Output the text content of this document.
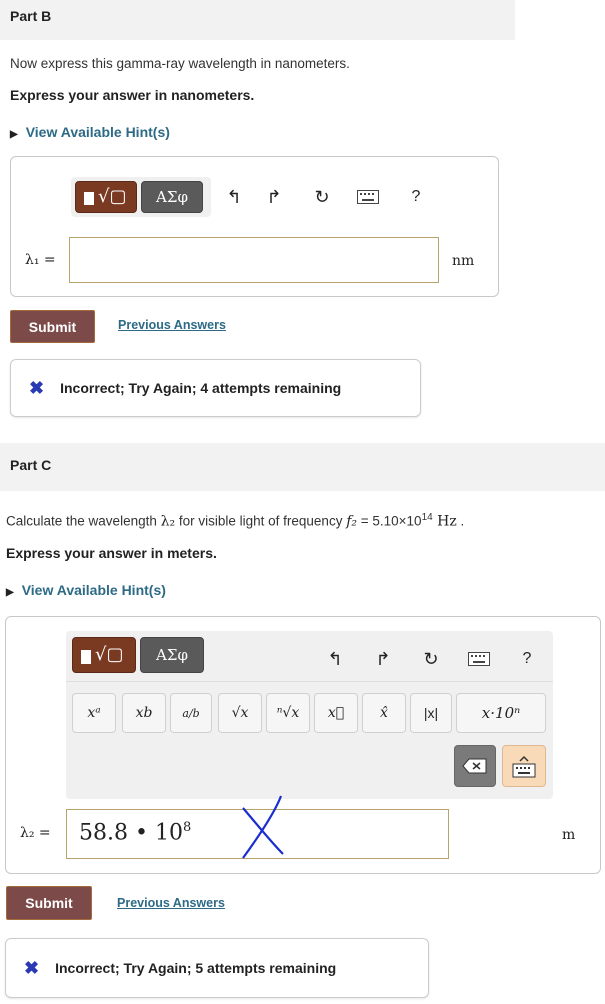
Part B
Now express this gamma-ray wavelength in nanometers.
Express your answer in nanometers.
▶ View Available Hint(s)
√▢	ΑΣφ	↰ ↱ ↻	?
λ₁ =	nm
Submit	Previous Answers
✖ Incorrect; Try Again; 4 attempts remaining
Part C
Calculate the wavelength λ₂ for visible light of frequency $f_2 = 5.10\times 10^{14}$ Hz .
Express your answer in meters.
▶ View Available Hint(s)
√▢	ΑΣφ	↰ ↱ ↻	?
xᵃ	xb	a/b	√x	ⁿ√x	x⃗	x̂	|x|	x·10ⁿ
λ₂ = 58.8 • $10^8$	m
Submit	Previous Answers
✖ Incorrect; Try Again; 5 attempts remaining
